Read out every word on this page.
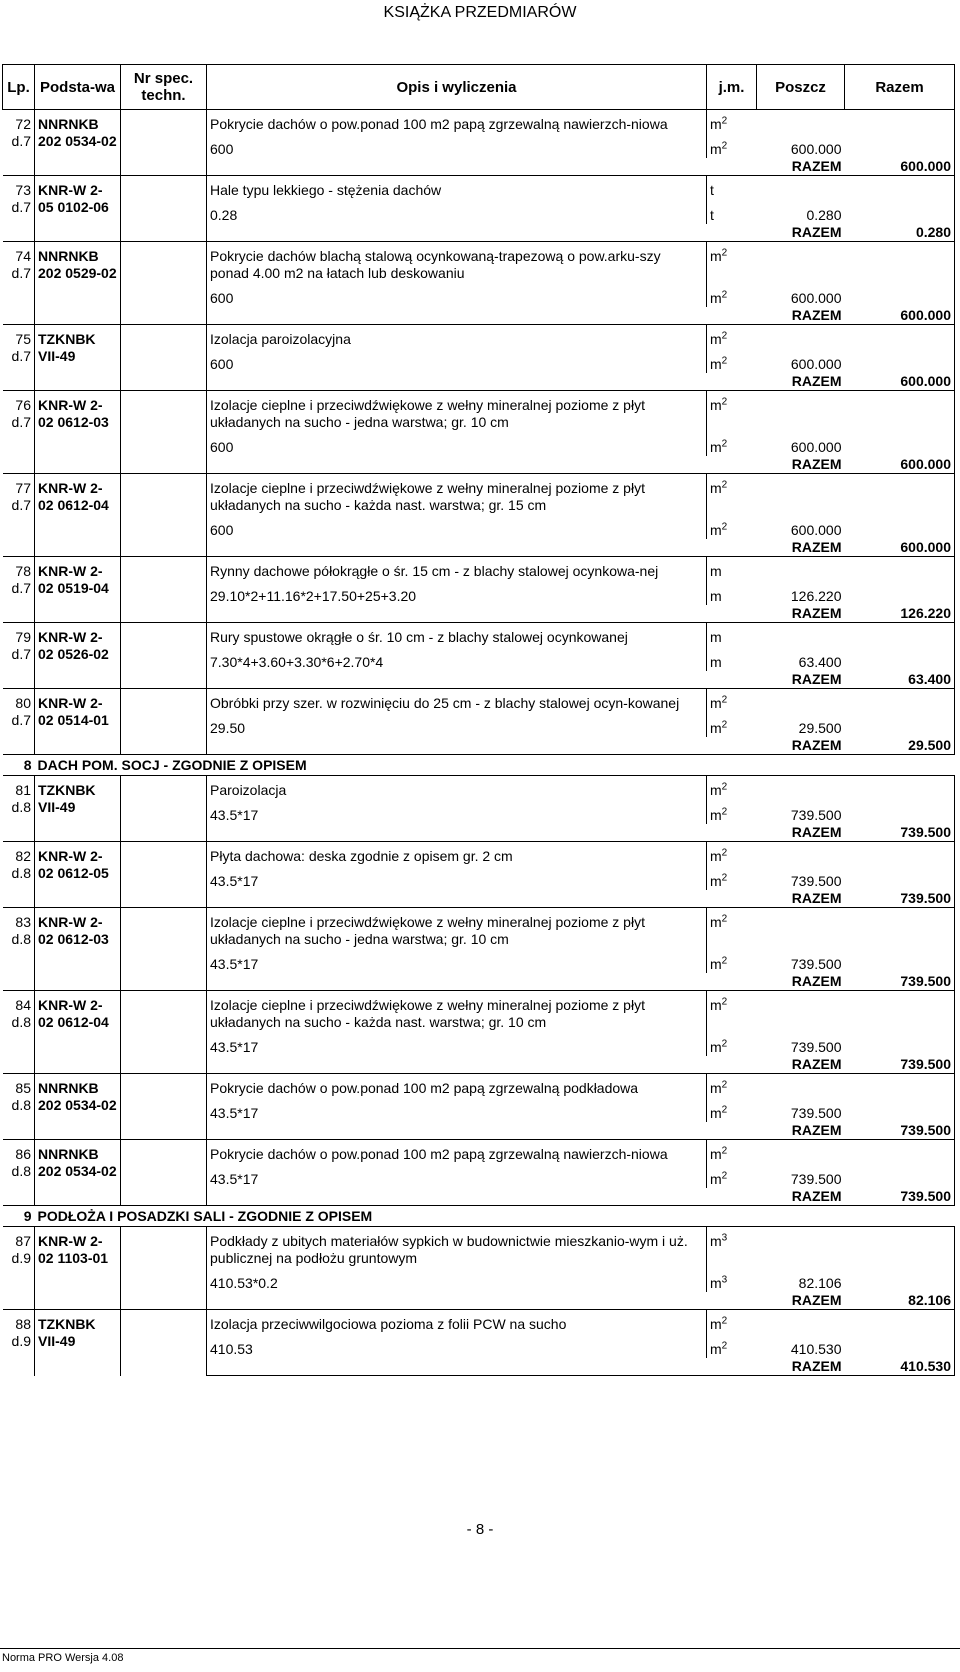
KSIĄŻKA PRZEDMIARÓW
Lp.	Podsta-wa	Nr spec. techn.	Opis i wyliczenia	j.m.	Poszcz	Razem

72
d.7	NNRNKB 202 0534-02		Pokrycie dachów o pow.ponad 100 m2 papą zgrzewalną nawierzch-niowa	$m^2$		
			600	$m^2$	600.000	
				RAZEM		600.000

73
d.7	KNR-W 2-05 0102-06		Hale typu lekkiego - stężenia dachów	t		
			0.28	t	0.280	
				RAZEM		0.280

74
d.7	NNRNKB 202 0529-02		Pokrycie dachów blachą stalową ocynkowaną-trapezową o pow.arku-szy ponad 4.00 m2 na łatach lub deskowaniu	$m^2$		
			600	$m^2$	600.000	
				RAZEM		600.000

75
d.7	TZKNBK VII-49		Izolacja paroizolacyjna	$m^2$		
			600	$m^2$	600.000	
				RAZEM		600.000

76
d.7	KNR-W 2-02 0612-03		Izolacje cieplne i przeciwdźwiękowe z wełny mineralnej poziome z płyt układanych na sucho - jedna warstwa; gr. 10 cm	$m^2$		
			600	$m^2$	600.000	
				RAZEM		600.000

77
d.7	KNR-W 2-02 0612-04		Izolacje cieplne i przeciwdźwiękowe z wełny mineralnej poziome z płyt układanych na sucho - każda nast. warstwa; gr. 15 cm	$m^2$		
			600	$m^2$	600.000	
				RAZEM		600.000

78
d.7	KNR-W 2-02 0519-04		Rynny dachowe półokrągłe o śr. 15 cm - z blachy stalowej ocynkowa-nej	m		
			29.10*2+11.16*2+17.50+25+3.20	m	126.220	
				RAZEM		126.220

79
d.7	KNR-W 2-02 0526-02		Rury spustowe okrągłe o śr. 10 cm - z blachy stalowej ocynkowanej	m		
			7.30*4+3.60+3.30*6+2.70*4	m	63.400	
				RAZEM		63.400

80
d.7	KNR-W 2-02 0514-01		Obróbki przy szer. w rozwinięciu do 25 cm - z blachy stalowej ocyn-kowanej	$m^2$		
			29.50	$m^2$	29.500	
				RAZEM		29.500
8	DACH POM. SOCJ - ZGODNIE Z OPISEM					

81
d.8	TZKNBK VII-49		Paroizolacja	$m^2$		
			43.5*17	$m^2$	739.500	
				RAZEM		739.500

82
d.8	KNR-W 2-02 0612-05		Płyta dachowa: deska zgodnie z opisem gr. 2 cm	$m^2$		
			43.5*17	$m^2$	739.500	
				RAZEM		739.500

83
d.8	KNR-W 2-02 0612-03		Izolacje cieplne i przeciwdźwiękowe z wełny mineralnej poziome z płyt układanych na sucho - jedna warstwa; gr. 10 cm	$m^2$		
			43.5*17	$m^2$	739.500	
				RAZEM		739.500

84
d.8	KNR-W 2-02 0612-04		Izolacje cieplne i przeciwdźwiękowe z wełny mineralnej poziome z płyt układanych na sucho - każda nast. warstwa; gr. 10 cm	$m^2$		
			43.5*17	$m^2$	739.500	
				RAZEM		739.500

85
d.8	NNRNKB 202 0534-02		Pokrycie dachów o pow.ponad 100 m2 papą zgrzewalną podkładowa	$m^2$		
			43.5*17	$m^2$	739.500	
				RAZEM		739.500

86
d.8	NNRNKB 202 0534-02		Pokrycie dachów o pow.ponad 100 m2 papą zgrzewalną nawierzch-niowa	$m^2$		
			43.5*17	$m^2$	739.500	
				RAZEM		739.500
9	PODŁOŻA I POSADZKI SALI - ZGODNIE Z OPISEM					

87
d.9	KNR-W 2-02 1103-01		Podkłady z ubitych materiałów sypkich w budownictwie mieszkanio-wym i uż. publicznej na podłożu gruntowym	$m^3$		
			410.53*0.2	$m^3$	82.106	
				RAZEM		82.106

88
d.9	TZKNBK VII-49		Izolacja przeciwwilgociowa pozioma z folii PCW na sucho	$m^2$		
			410.53	$m^2$	410.530	
				RAZEM		410.530
- 8 -
Norma PRO Wersja 4.08
